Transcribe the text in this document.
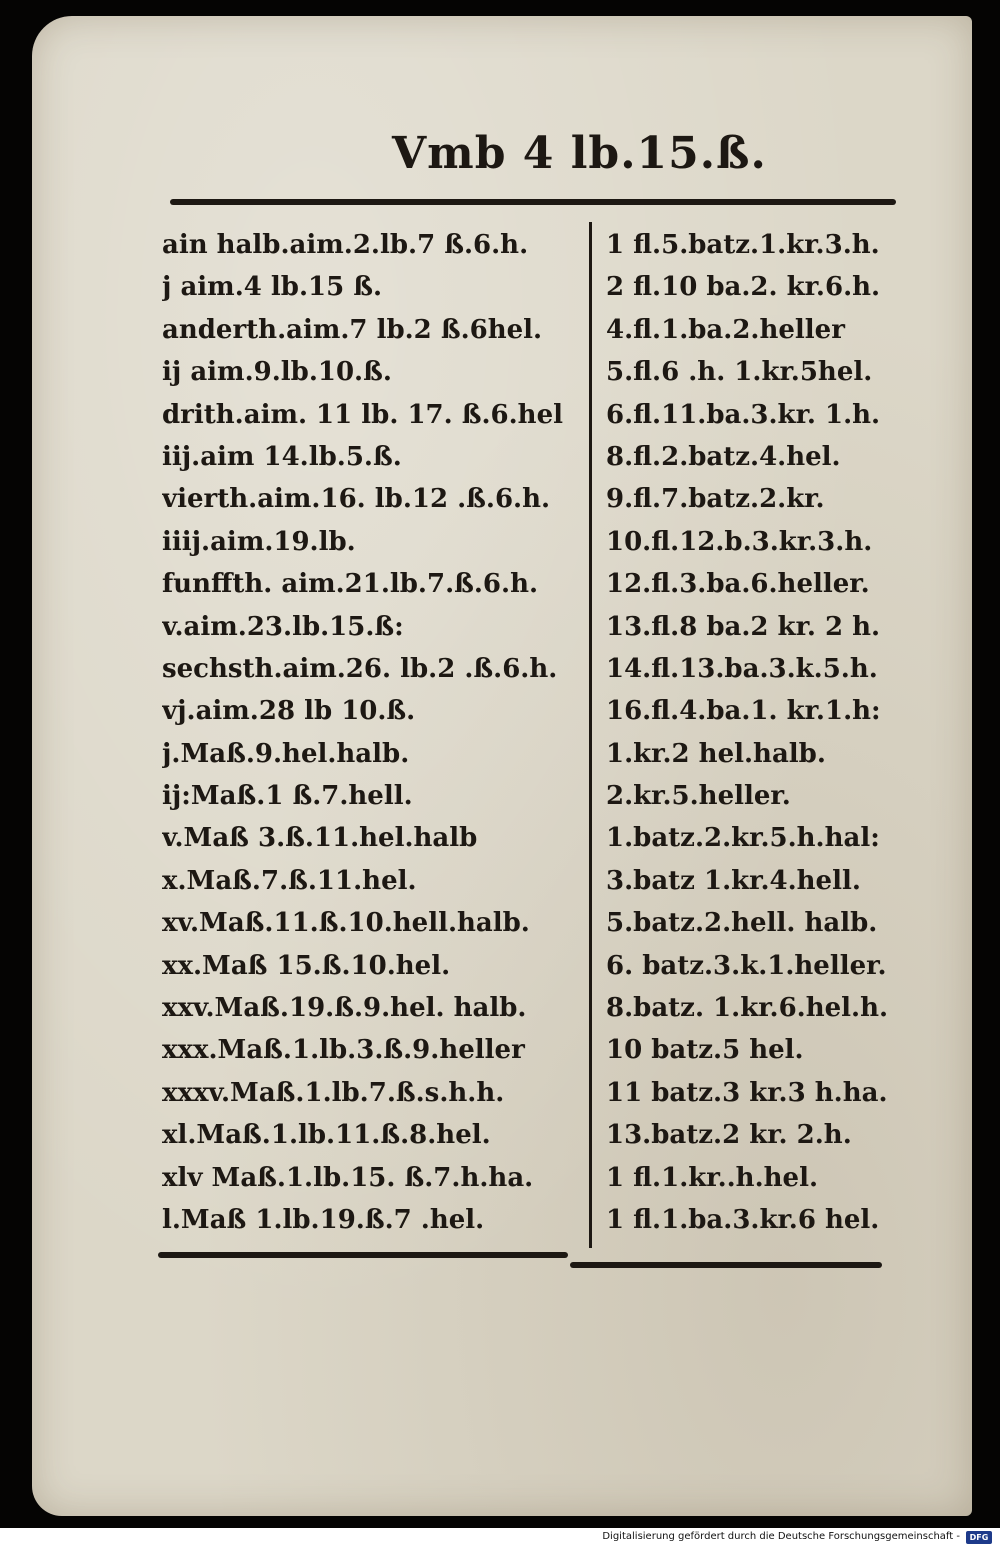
Vmb 4 lb.15.ß.
ain halb.aim.2.lb.7 ß.6.h.
j aim.4 lb.15 ß.
anderth.aim.7 lb.2 ß.6hel.
ij aim.9.lb.10.ß.
drith.aim. 11 lb. 17. ß.6.hel
iij.aim 14.lb.5.ß.
vierth.aim.16. lb.12 .ß.6.h.
iiij.aim.19.lb.
funffth. aim.21.lb.7.ß.6.h.
v.aim.23.lb.15.ß:
sechsth.aim.26. lb.2 .ß.6.h.
vj.aim.28 lb 10.ß.
j.Maß.9.hel.halb.
ij:Maß.1 ß.7.hell.
v.Maß 3.ß.11.hel.halb
x.Maß.7.ß.11.hel.
xv.Maß.11.ß.10.hell.halb.
xx.Maß 15.ß.10.hel.
xxv.Maß.19.ß.9.hel. halb.
xxx.Maß.1.lb.3.ß.9.heller
xxxv.Maß.1.lb.7.ß.s.h.h.
xl.Maß.1.lb.11.ß.8.hel.
xlv Maß.1.lb.15. ß.7.h.ha.
l.Maß 1.lb.19.ß.7 .hel.
1 fl.5.batz.1.kr.3.h.
2 fl.10 ba.2. kr.6.h.
4.fl.1.ba.2.heller
5.fl.6 .h. 1.kr.5hel.
6.fl.11.ba.3.kr. 1.h.
8.fl.2.batz.4.hel.
9.fl.7.batz.2.kr.
10.fl.12.b.3.kr.3.h.
12.fl.3.ba.6.heller.
13.fl.8 ba.2 kr. 2 h.
14.fl.13.ba.3.k.5.h.
16.fl.4.ba.1. kr.1.h:
1.kr.2 hel.halb.
2.kr.5.heller.
1.batz.2.kr.5.h.hal:
3.batz 1.kr.4.hell.
5.batz.2.hell. halb.
6. batz.3.k.1.heller.
8.batz. 1.kr.6.hel.h.
10 batz.5 hel.
11 batz.3 kr.3 h.ha.
13.batz.2 kr. 2.h.
1 fl.1.kr..h.hel.
1 fl.1.ba.3.kr.6 hel.
Digitalisierung gefördert durch die Deutsche Forschungsgemeinschaft -	DFG
